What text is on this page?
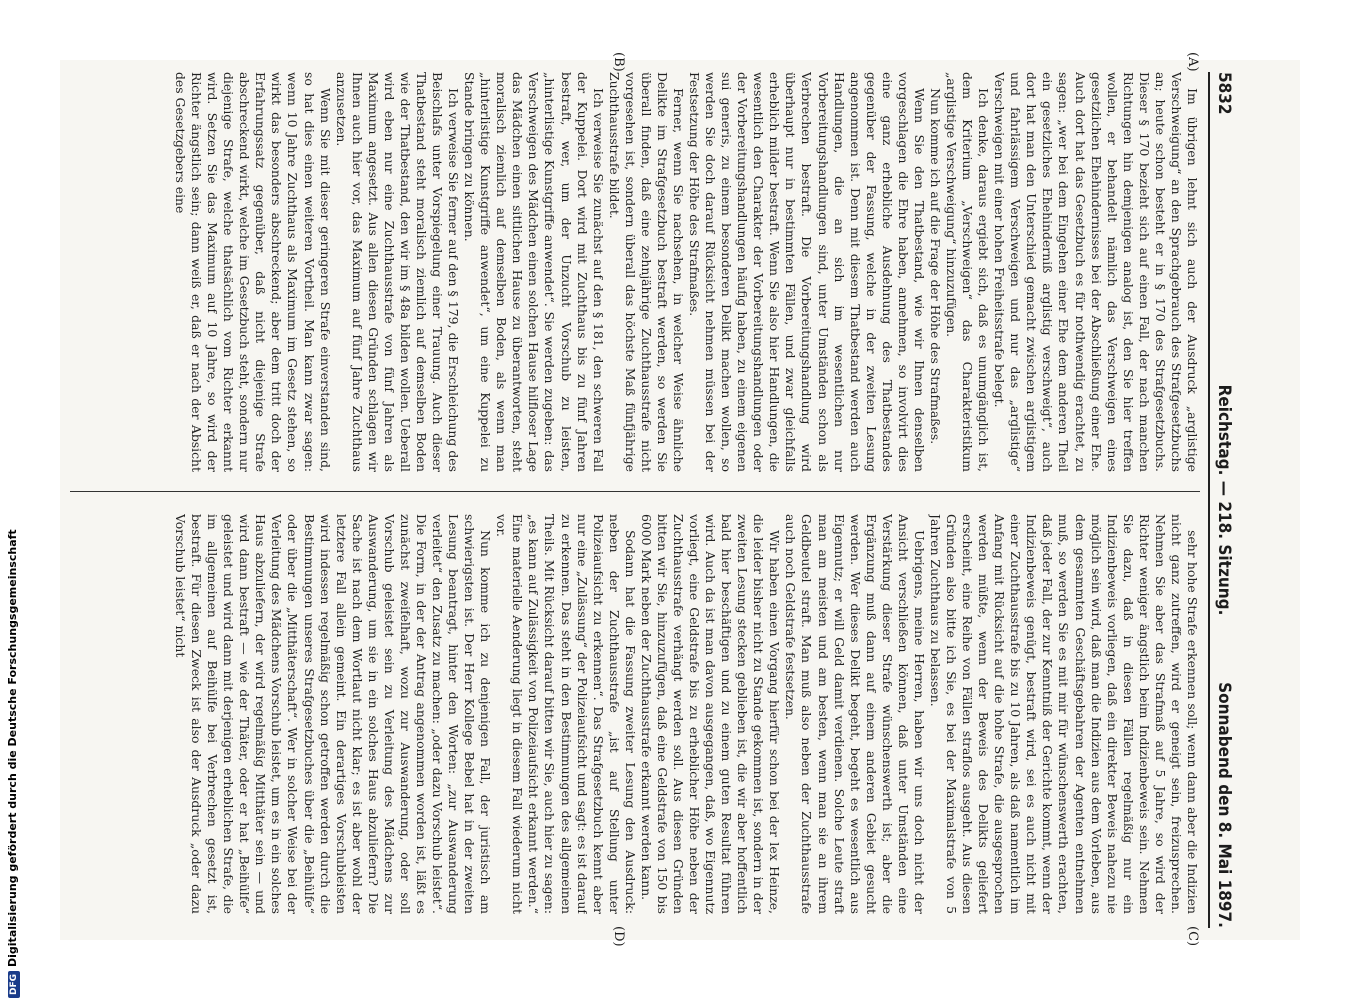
5832
Reichstag. — 218. Sitzung.
Sonnabend den 8. Mai 1897.
(A)
(B)
(C)
(D)

Im übrigen lehnt sich auch der Ausdruck „arglistige Verschweigung“ an den Sprachgebrauch des Strafgesetzbuchs an; heute schon besteht er in § 170 des Strafgesetzbuchs. Dieser § 170 bezieht sich auf einen Fall, der nach manchen Richtungen hin demjenigen analog ist, den Sie hier treffen wollen, er behandelt nämlich das Verschweigen eines gesetzlichen Ehehindernisses bei der Abschließung einer Ehe. Auch dort hat das Gesetzbuch es für nothwendig erachtet, zu sagen: „wer bei dem Eingehen einer Ehe dem anderen Theil ein gesetzliches Ehehinderniß arglistig verschweigt“, auch dort hat man den Unterschied gemacht zwischen arglistigem und fahrlässigem Verschweigen und nur das „arglistige“ Verschweigen mit einer hohen Freiheitsstrafe belegt.

Ich denke, daraus ergiebt sich, daß es unumgänglich ist, dem Kriterium „Verschweigen“ das Charakteristikum „arglistige Verschweigung“ hinzuzufügen.

Nun komme ich auf die Frage der Höhe des Strafmaßes.

Wenn Sie den Thatbestand, wie wir Ihnen denselben vorgeschlagen die Ehre haben, annehmen, so involvirt dies eine ganz erhebliche Ausdehnung des Thatbestandes gegenüber der Fassung, welche in der zweiten Lesung angenommen ist. Denn mit diesem Thatbestand werden auch Handlungen, die an sich im wesentlichen nur Vorbereitungshandlungen sind, unter Umständen schon als Verbrechen bestraft. Die Vorbereitungshandlung wird überhaupt nur in bestimmten Fällen, und zwar gleichfalls erheblich milder bestraft. Wenn Sie also hier Handlungen, die wesentlich den Charakter der Vorbereitungshandlungen oder der Vorbereitungshandlungen häufig haben, zu einem eigenen sui generis, zu einem besonderen Delikt machen wollen, so werden Sie doch darauf Rücksicht nehmen müssen bei der Festsetzung der Höhe des Strafmaßes.

Ferner, wenn Sie nachsehen, in welcher Weise ähnliche Delikte im Strafgesetzbuch bestraft werden, so werden Sie überall finden, daß eine zehnjährige Zuchthausstrafe nicht vorgesehen ist, sondern überall das höchste Maß fünfjährige Zuchthausstrafe bildet.

Ich verweise Sie zunächst auf den § 181, den schweren Fall der Kuppelei. Dort wird mit Zuchthaus bis zu fünf Jahren bestraft, wer, um der Unzucht Vorschub zu leisten, „hinterlistige Kunstgriffe anwendet“. Sie werden zugeben: das Verschweigen des Mädchen einen solchen Hause hilfloser Lage das Mädchen einen sittlichen Hause zu überantworten, steht moralisch ziemlich auf demselben Boden, als wenn man „hinterlistige Kunstgriffe anwendet“, um eine Kuppelei zu Stande bringen zu können.

Ich verweise Sie ferner auf den § 179, die Erschleichung des Beischlafs unter Vorspiegelung einer Trauung. Auch dieser Thatbestand steht moralisch ziemlich auf demselben Boden wie der Thatbestand, den wir im § 48a bilden wollen. Ueberall wird eben nur eine Zuchthausstrafe von fünf Jahren als Maximum angesetzt. Aus allen diesen Gründen schlagen wir Ihnen auch hier vor, das Maximum auf fünf Jahre Zuchthaus anzusetzen.

Wenn Sie mit dieser geringeren Strafe einverstanden sind, so hat dies einen weiteren Vortheil. Man kann zwar sagen: wenn 10 Jahre Zuchthaus als Maximum im Gesetz stehen, so wirkt das besonders abschreckend; aber dem tritt doch der Erfahrungssatz gegenüber, daß nicht diejenige Strafe abschreckend wirkt, welche im Gesetzbuch steht, sondern nur diejenige Strafe, welche thatsächlich vom Richter erkannt wird. Setzen Sie das Maximum auf 10 Jahre, so wird der Richter ängstlich sein; dann weiß er, daß er nach der Absicht des Gesetzgebers eine

sehr hohe Strafe erkennen soll; wenn dann aber die Indizien nicht ganz zutreffen, wird er geneigt sein, freizusprechen. Nehmen Sie aber das Strafmaß auf 5 Jahre, so wird der Richter weniger ängstlich beim Indizienbeweis sein. Nehmen Sie dazu, daß in diesen Fällen regelmäßig nur ein Indizienbeweis vorliegen, daß ein direkter Beweis nahezu nie möglich sein wird, daß man die Indizien aus dem Vorleben, aus dem gesammten Geschäftsgebahren der Agenten entnehmen muß, so werden Sie es mit mir für wünschenswerth erachten, daß jeder Fall, der zur Kenntniß der Gerichte kommt, wenn der Indizienbeweis genügt, bestraft wird, sei es auch nicht mit einer Zuchthausstrafe bis zu 10 Jahren, als daß namentlich im Anfang mit Rücksicht auf die hohe Strafe, die ausgesprochen werden müßte, wenn der Beweis des Delikts geliefert erscheint, eine Reihe von Fällen straflos ausgeht. Aus diesen Gründen also bitte ich Sie, es bei der Maximalstrafe von 5 Jahren Zuchthaus zu belassen.

Uebrigens, meine Herren, haben wir uns doch nicht der Ansicht verschließen können, daß unter Umständen eine Verstärkung dieser Strafe wünschenswerth ist; aber die Ergänzung muß dann auf einem anderen Gebiet gesucht werden. Wer dieses Delikt begeht, begeht es wesentlich aus Eigennutz; er will Geld damit verdienen. Solche Leute straft man am meisten und am besten, wenn man sie an ihrem Geldbeutel straft. Man muß also neben der Zuchthausstrafe auch noch Geldstrafe festsetzen.

Wir haben einen Vorgang hierfür schon bei der lex Heinze, die leider bisher nicht zu Stande gekommen ist, sondern in der zweiten Lesung stecken geblieben ist, die wir aber hoffentlich bald hier beschäftigen und zu einem guten Resultat führen wird. Auch da ist man davon ausgegangen, daß, wo Eigennutz vorliegt, eine Geldstrafe bis zu erheblicher Höhe neben der Zuchthausstrafe verhängt werden soll. Aus diesen Gründen bitten wir Sie, hinzuzufügen, daß eine Geldstrafe von 150 bis 6000 Mark neben der Zuchthausstrafe erkannt werden kann.

Sodann hat die Fassung zweiter Lesung den Ausdruck: neben der Zuchthausstrafe „ist auf Stellung unter Polizeiaufsicht zu erkennen“. Das Strafgesetzbuch kennt aber nur eine „Zulässung“ der Polizeiaufsicht und sagt: es ist darauf zu erkennen. Das steht in den Bestimmungen des allgemeinen Theils. Mit Rücksicht darauf bitten wir Sie, auch hier zu sagen: „es kann auf Zulässigkeit von Polizeiaufsicht erkannt werden.“ Eine materielle Aenderung liegt in diesem Fall wiederum nicht vor.

Nun komme ich zu denjenigen Fall, der juristisch am schwierigsten ist. Der Herr Kollege Bebel hat in der zweiten Lesung beantragt, hinter den Worten: „zur Auswanderung verleitet“ den Zusatz zu machen: „oder dazu Vorschub leistet“. Die Form, in der der Antrag angenommen worden ist, läßt es zunächst zweifelhaft, wozu zur Auswanderung, oder soll Vorschub geleistet sein zu Verleitung des Mädchens zur Auswanderung, um sie in ein solches Haus abzuliefern? Die Sache ist nach dem Wortlaut nicht klar; es ist aber wohl der letztere Fall allein gemeint. Ein derartiges Vorschubleisten wird indessen regelmäßig schon getroffen werden durch die Bestimmungen unseres Strafgesetzbuches über die „Beihülfe“ oder über die „Mitthäterschaft“. Wer in solcher Weise bei der Verleitung des Mädchens Vorschub leistet, um es in ein solches Haus abzuliefern, der wird regelmäßig Mitthäter sein — und wird dann bestraft — wie der Thäter, oder er hat „Beihülfe“ geleistet und wird dann mit derjenigen erheblichen Strafe, die im allgemeinen auf Beihülfe bei Verbrechen gesetzt ist, bestraft. Für diesen Zweck ist also der Ausdruck „oder dazu Vorschub leistet“ nicht

DFGDigitalisierung gefördert durch die Deutsche Forschungsgemeinschaft
